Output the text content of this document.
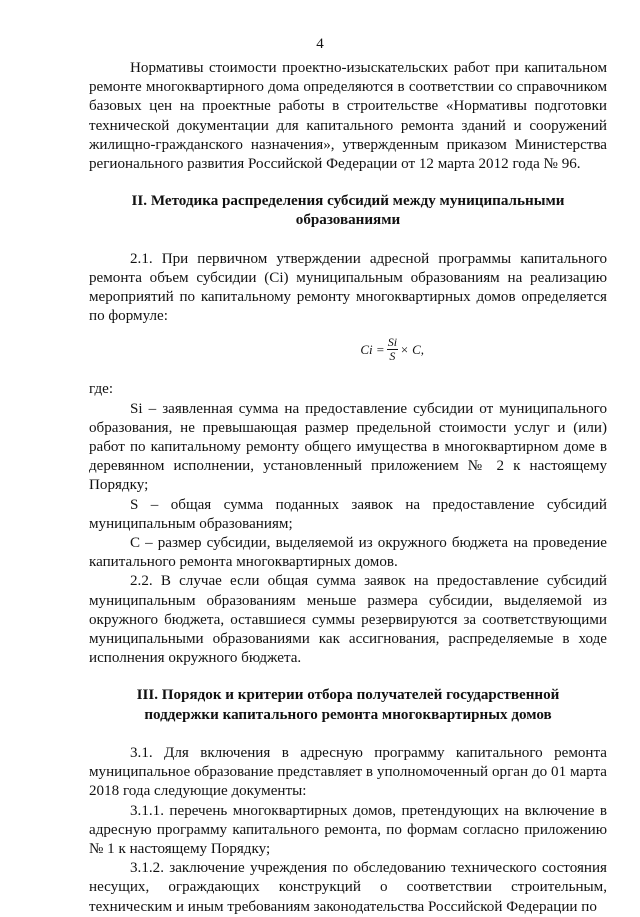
4

Нормативы стоимости проектно-изыскательских работ при капитальном ремонте многоквартирного дома определяются в соответствии со справочником базовых цен на проектные работы в строительстве «Нормативы подготовки технической документации для капитального ремонта зданий и сооружений жилищно-гражданского назначения», утвержденным приказом Министерства регионального развития Российской Федерации от 12 марта 2012 года № 96.

II. Методика распределения субсидий между муниципальными
образованиями

2.1. При первичном утверждении адресной программы капитального ремонта объем субсидии (Ci) муниципальным образованиям на реализацию мероприятий по капитальному ремонту многоквартирных домов определяется по формуле:

$Ci = \frac{Si}{S} \times C$,

где:

Si – заявленная сумма на предоставление субсидии от муниципального образования, не превышающая размер предельной стоимости услуг и (или) работ по капитальному ремонту общего имущества в многоквартирном доме в деревянном исполнении, установленный приложением № 2 к настоящему Порядку;

S – общая сумма поданных заявок на предоставление субсидий муниципальным образованиям;

C – размер субсидии, выделяемой из окружного бюджета на проведение капитального ремонта многоквартирных домов.

2.2. В случае если общая сумма заявок на предоставление субсидий муниципальным образованиям меньше размера субсидии, выделяемой из окружного бюджета, оставшиеся суммы резервируются за соответствующими муниципальными образованиями как ассигнования, распределяемые в ходе исполнения окружного бюджета.

III. Порядок и критерии отбора получателей государственной
поддержки капитального ремонта многоквартирных домов

3.1. Для включения в адресную программу капитального ремонта муниципальное образование представляет в уполномоченный орган до 01 марта 2018 года следующие документы:

3.1.1. перечень многоквартирных домов, претендующих на включение в адресную программу капитального ремонта, по формам согласно приложению № 1 к настоящему Порядку;

3.1.2. заключение учреждения по обследованию технического состояния несущих, ограждающих конструкций о соответствии строительным, техническим и иным требованиям законодательства Российской Федерации по
